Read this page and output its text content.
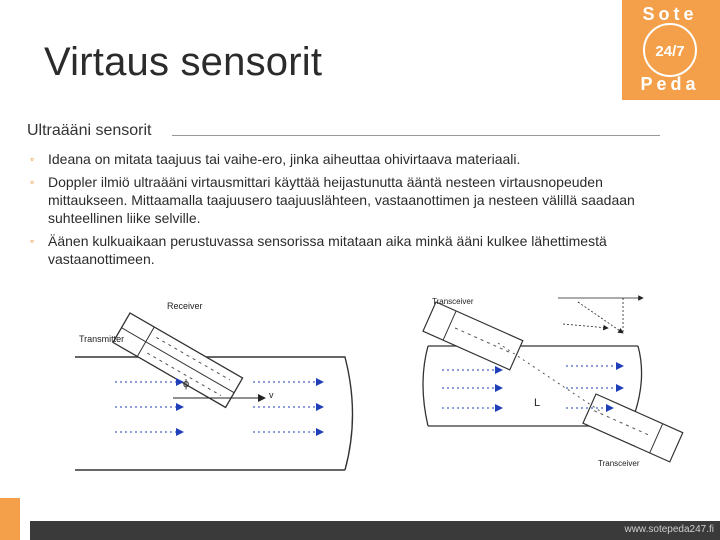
Virtaus sensorit
Sote
24/7
Peda
Ultraääni sensorit
◦ Ideana on mitata taajuus tai vaihe-ero, jinka aiheuttaa ohivirtaava materiaali.
◦ Doppler ilmiö ultraääni virtausmittari käyttää heijastunutta ääntä nesteen virtausnopeuden mittaukseen. Mittaamalla taajuusero taajuuslähteen, vastaanottimen ja nesteen välillä saadaan suhteellinen liike selville.
◦ Äänen kulkuaikaan perustuvassa sensorissa mitataan aika minkä ääni kulkee lähettimestä vastaanottimeen.
Receiver
Transmitter
ϕ
v
Transceiver
Transceiver
L
www.sotepeda247.fi
